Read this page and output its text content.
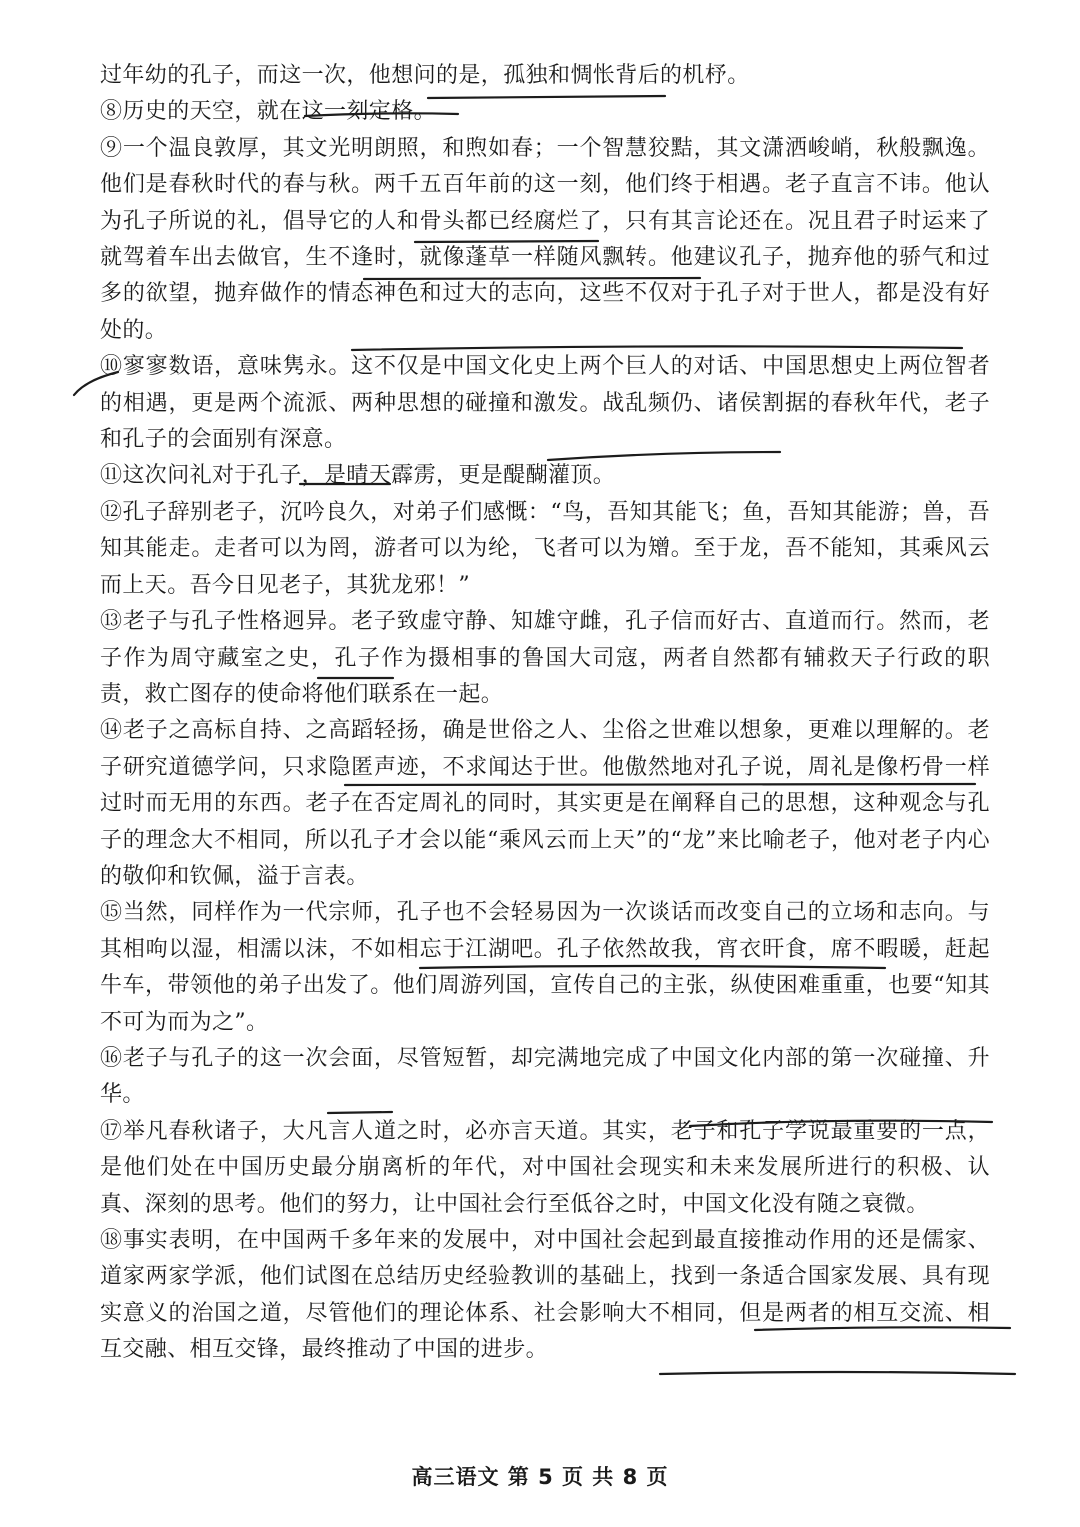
过年幼的孔子，而这一次，他想问的是，孤独和惆怅背后的机杼。

⑧历史的天空，就在这一刻定格。

⑨一个温良敦厚，其文光明朗照，和煦如春；一个智慧狡黠，其文潇洒峻峭，秋般飘逸。他们是春秋时代的春与秋。两千五百年前的这一刻，他们终于相遇。老子直言不讳。他认为孔子所说的礼，倡导它的人和骨头都已经腐烂了，只有其言论还在。况且君子时运来了就驾着车出去做官，生不逢时，就像蓬草一样随风飘转。他建议孔子，抛弃他的骄气和过多的欲望，抛弃做作的情态神色和过大的志向，这些不仅对于孔子对于世人，都是没有好处的。

⑩寥寥数语，意味隽永。这不仅是中国文化史上两个巨人的对话、中国思想史上两位智者的相遇，更是两个流派、两种思想的碰撞和激发。战乱频仍、诸侯割据的春秋年代，老子和孔子的会面别有深意。

⑪这次问礼对于孔子，是晴天霹雳，更是醍醐灌顶。

⑫孔子辞别老子，沉吟良久，对弟子们感慨：“鸟，吾知其能飞；鱼，吾知其能游；兽，吾知其能走。走者可以为罔，游者可以为纶，飞者可以为矰。至于龙，吾不能知，其乘风云而上天。吾今日见老子，其犹龙邪！”

⑬老子与孔子性格迥异。老子致虚守静、知雄守雌，孔子信而好古、直道而行。然而，老子作为周守藏室之史，孔子作为摄相事的鲁国大司寇，两者自然都有辅救天子行政的职责，救亡图存的使命将他们联系在一起。

⑭老子之高标自持、之高蹈轻扬，确是世俗之人、尘俗之世难以想象，更难以理解的。老子研究道德学问，只求隐匿声迹，不求闻达于世。他傲然地对孔子说，周礼是像朽骨一样过时而无用的东西。老子在否定周礼的同时，其实更是在阐释自己的思想，这种观念与孔子的理念大不相同，所以孔子才会以能“乘风云而上天”的“龙”来比喻老子，他对老子内心的敬仰和钦佩，溢于言表。

⑮当然，同样作为一代宗师，孔子也不会轻易因为一次谈话而改变自己的立场和志向。与其相呴以湿，相濡以沫，不如相忘于江湖吧。孔子依然故我，宵衣旰食，席不暇暖，赶起牛车，带领他的弟子出发了。他们周游列国，宣传自己的主张，纵使困难重重，也要“知其不可为而为之”。

⑯老子与孔子的这一次会面，尽管短暂，却完满地完成了中国文化内部的第一次碰撞、升华。

⑰举凡春秋诸子，大凡言人道之时，必亦言天道。其实，老子和孔子学说最重要的一点，是他们处在中国历史最分崩离析的年代，对中国社会现实和未来发展所进行的积极、认真、深刻的思考。他们的努力，让中国社会行至低谷之时，中国文化没有随之衰微。

⑱事实表明，在中国两千多年来的发展中，对中国社会起到最直接推动作用的还是儒家、道家两家学派，他们试图在总结历史经验教训的基础上，找到一条适合国家发展、具有现实意义的治国之道，尽管他们的理论体系、社会影响大不相同，但是两者的相互交流、相互交融、相互交锋，最终推动了中国的进步。

高三语文 第 5 页 共 8 页
